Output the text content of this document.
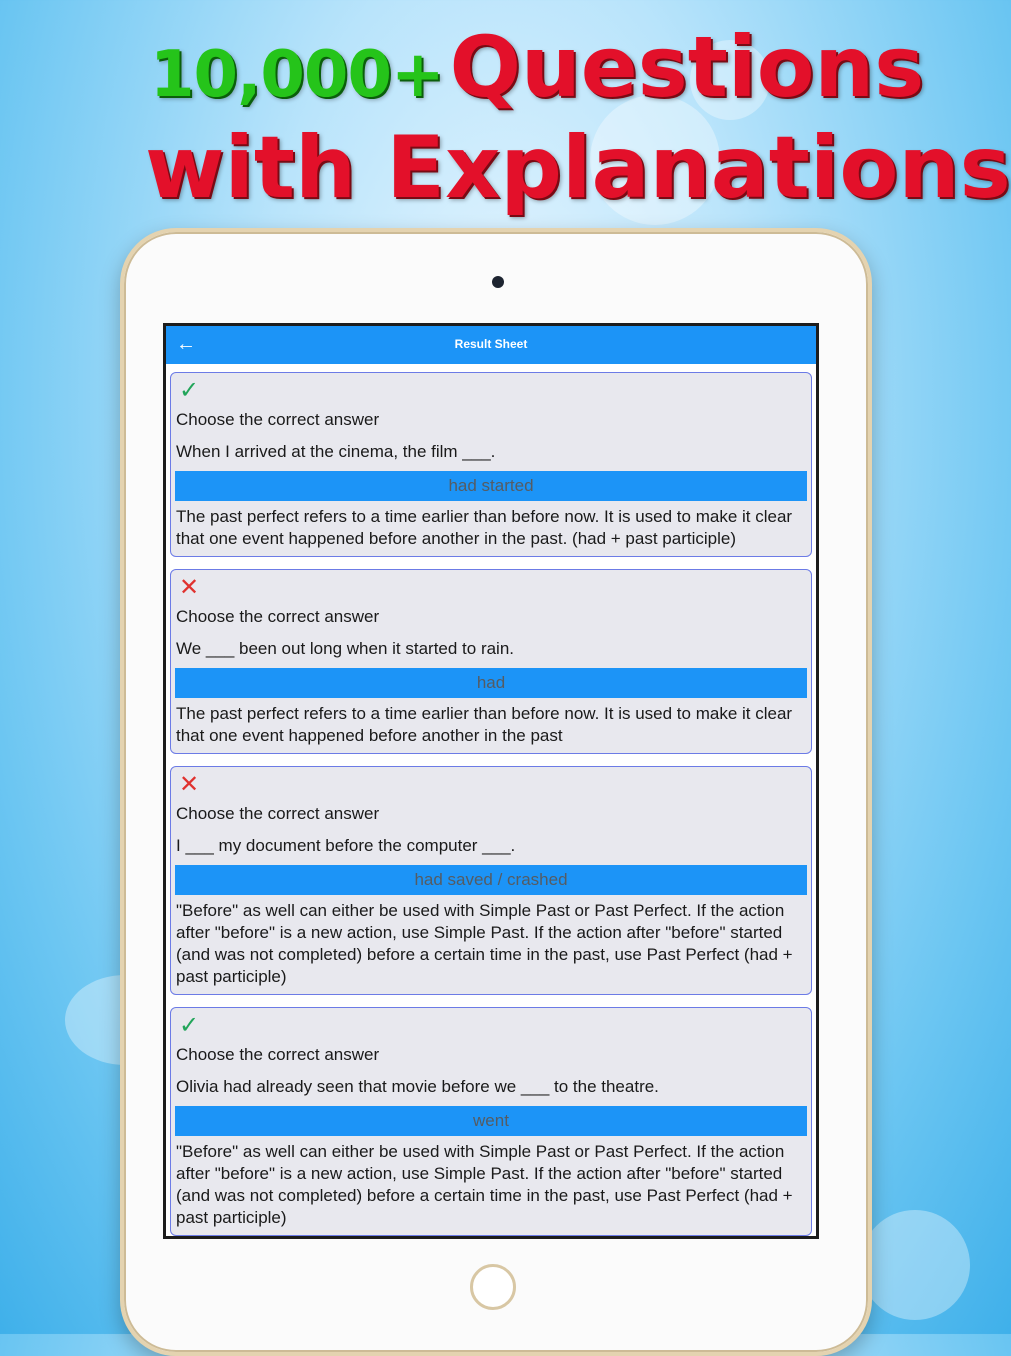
10,000+Questions
with Explanations
←	Result Sheet
✓
Choose the correct answer
When I arrived at the cinema, the film ___.
had started
The past perfect refers to a time earlier than before now. It is used to make it clear that one event happened before another in the past. (had + past participle)
✕
Choose the correct answer
We ___ been out long when it started to rain.
had
The past perfect refers to a time earlier than before now. It is used to make it clear that one event happened before another in the past
✕
Choose the correct answer
I ___ my document before the computer ___.
had saved / crashed
"Before" as well can either be used with Simple Past or Past Perfect. If the action after "before" is a new action, use Simple Past. If the action after "before" started (and was not completed) before a certain time in the past, use Past Perfect (had + past participle)
✓
Choose the correct answer
Olivia had already seen that movie before we ___ to the theatre.
went
"Before" as well can either be used with Simple Past or Past Perfect. If the action after "before" is a new action, use Simple Past. If the action after "before" started (and was not completed) before a certain time in the past, use Past Perfect (had + past participle)
